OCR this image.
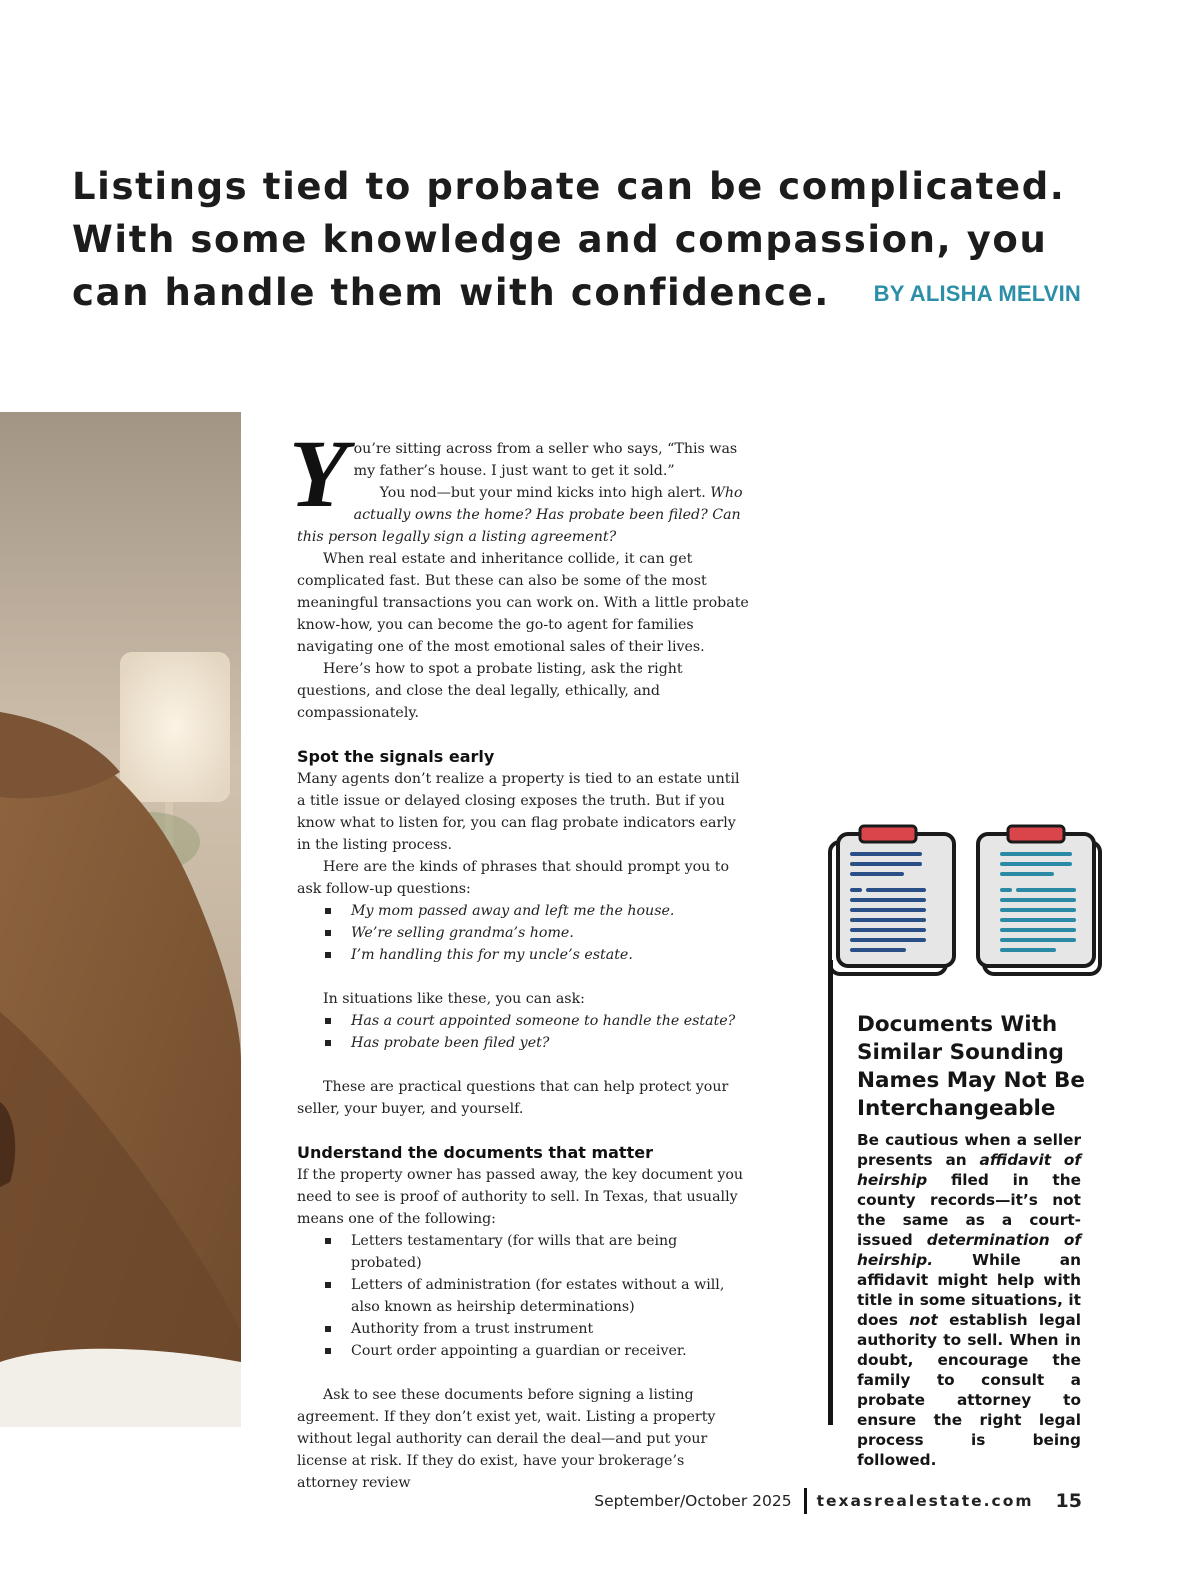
Listings tied to probate can be complicated. With some knowledge and compassion, you can handle them with confidence.	BY ALISHA MELVIN

You’re sitting across from a seller who says, “This was my father’s house. I just want to get it sold.”

You nod—but your mind kicks into high alert. Who actually owns the home? Has probate been filed? Can this person legally sign a listing agreement?

When real estate and inheritance collide, it can get complicated fast. But these can also be some of the most meaningful transactions you can work on. With a little probate know-how, you can become the go-to agent for families navigating one of the most emotional sales of their lives.

Here’s how to spot a probate listing, ask the right questions, and close the deal legally, ethically, and compassionately.

Spot the signals early

Many agents don’t realize a property is tied to an estate until a title issue or delayed closing exposes the truth. But if you know what to listen for, you can flag probate indicators early in the listing process.

Here are the kinds of phrases that should prompt you to ask follow-up questions:

My mom passed away and left me the house.
We’re selling grandma’s home.
I’m handling this for my uncle’s estate.

In situations like these, you can ask:

Has a court appointed someone to handle the estate?
Has probate been filed yet?

These are practical questions that can help protect your seller, your buyer, and yourself.

Understand the documents that matter

If the property owner has passed away, the key document you need to see is proof of authority to sell. In Texas, that usually means one of the following:

Letters testamentary (for wills that are being probated)
Letters of administration (for estates without a will, also known as heirship determinations)
Authority from a trust instrument
Court order appointing a guardian or receiver.

Ask to see these documents before signing a listing agreement. If they don’t exist yet, wait. Listing a property without legal authority can derail the deal—and put your license at risk. If they do exist, have your brokerage’s attorney review

Documents With Similar Sounding Names May Not Be Interchangeable

Be cautious when a seller presents an affidavit of heirship filed in the county records—it’s not the same as a court-issued determination of heirship. While an affidavit might help with title in some situations, it does not establish legal authority to sell. When in doubt, encourage the family to consult a probate attorney to ensure the right legal process is being followed.

September/October 2025 texasrealestate.com 15
